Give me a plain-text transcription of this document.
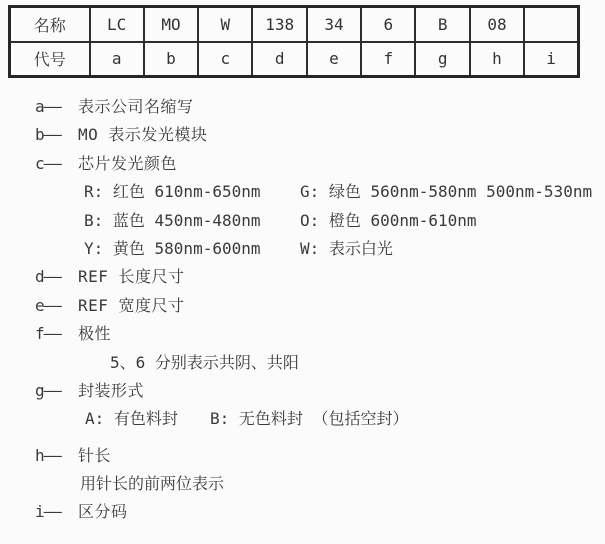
名称	LC	MO	W	138	34	6	B	08	
代号	a	b	c	d	e	f	g	h	i
a—— 表示公司名缩写
b—— MO 表示发光模块
c—— 芯片发光颜色
R: 红色 610nm-650nm G: 绿色 560nm-580nm 500nm-530nm
B: 蓝色 450nm-480nm O: 橙色 600nm-610nm
Y: 黄色 580nm-600nm W: 表示白光
d—— REF 长度尺寸
e—— REF 宽度尺寸
f—— 极性
5、6 分别表示共阴、共阳
g—— 封装形式
A: 有色料封 B: 无色料封 （包括空封）
h—— 针长
用针长的前两位表示
i—— 区分码
